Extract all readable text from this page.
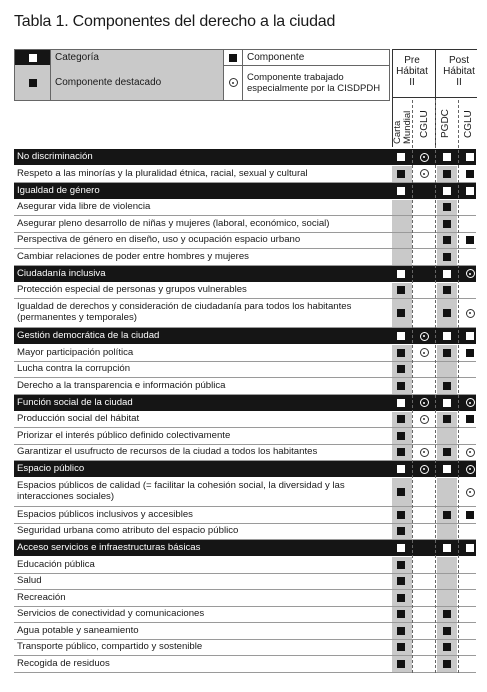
Tabla 1. Componentes del derecho a la ciudad
Categoría	Componente
Componente destacado	Componente trabajado especialmente por la CISDPDH
Pre Hábitat II
Post Hábitat II
Carta Mundial CGLU PGDC CGLU
No discriminación
Respeto a las minorías y la pluralidad étnica, racial, sexual y cultural
Igualdad de género
Asegurar vida libre de violencia
Asegurar pleno desarrollo de niñas y mujeres (laboral, económico, social)
Perspectiva de género en diseño, uso y ocupación espacio urbano
Cambiar relaciones de poder entre hombres y mujeres
Ciudadanía inclusiva
Protección especial de personas y grupos vulnerables
Igualdad de derechos y consideración de ciudadanía para todos los habitantes (permanentes y temporales)
Gestión democrática de la ciudad
Mayor participación política
Lucha contra la corrupción
Derecho a la transparencia e información pública
Función social de la ciudad
Producción social del hábitat
Priorizar el interés público definido colectivamente
Garantizar el usufructo de recursos de la ciudad a todos los habitantes
Espacio público
Espacios públicos de calidad (= facilitar la cohesión social, la diversidad y las interacciones sociales)
Espacios públicos inclusivos y accesibles
Seguridad urbana como atributo del espacio público
Acceso servicios e infraestructuras básicas
Educación pública
Salud
Recreación
Servicios de conectividad y comunicaciones
Agua potable y saneamiento
Transporte público, compartido y sostenible
Recogida de residuos
